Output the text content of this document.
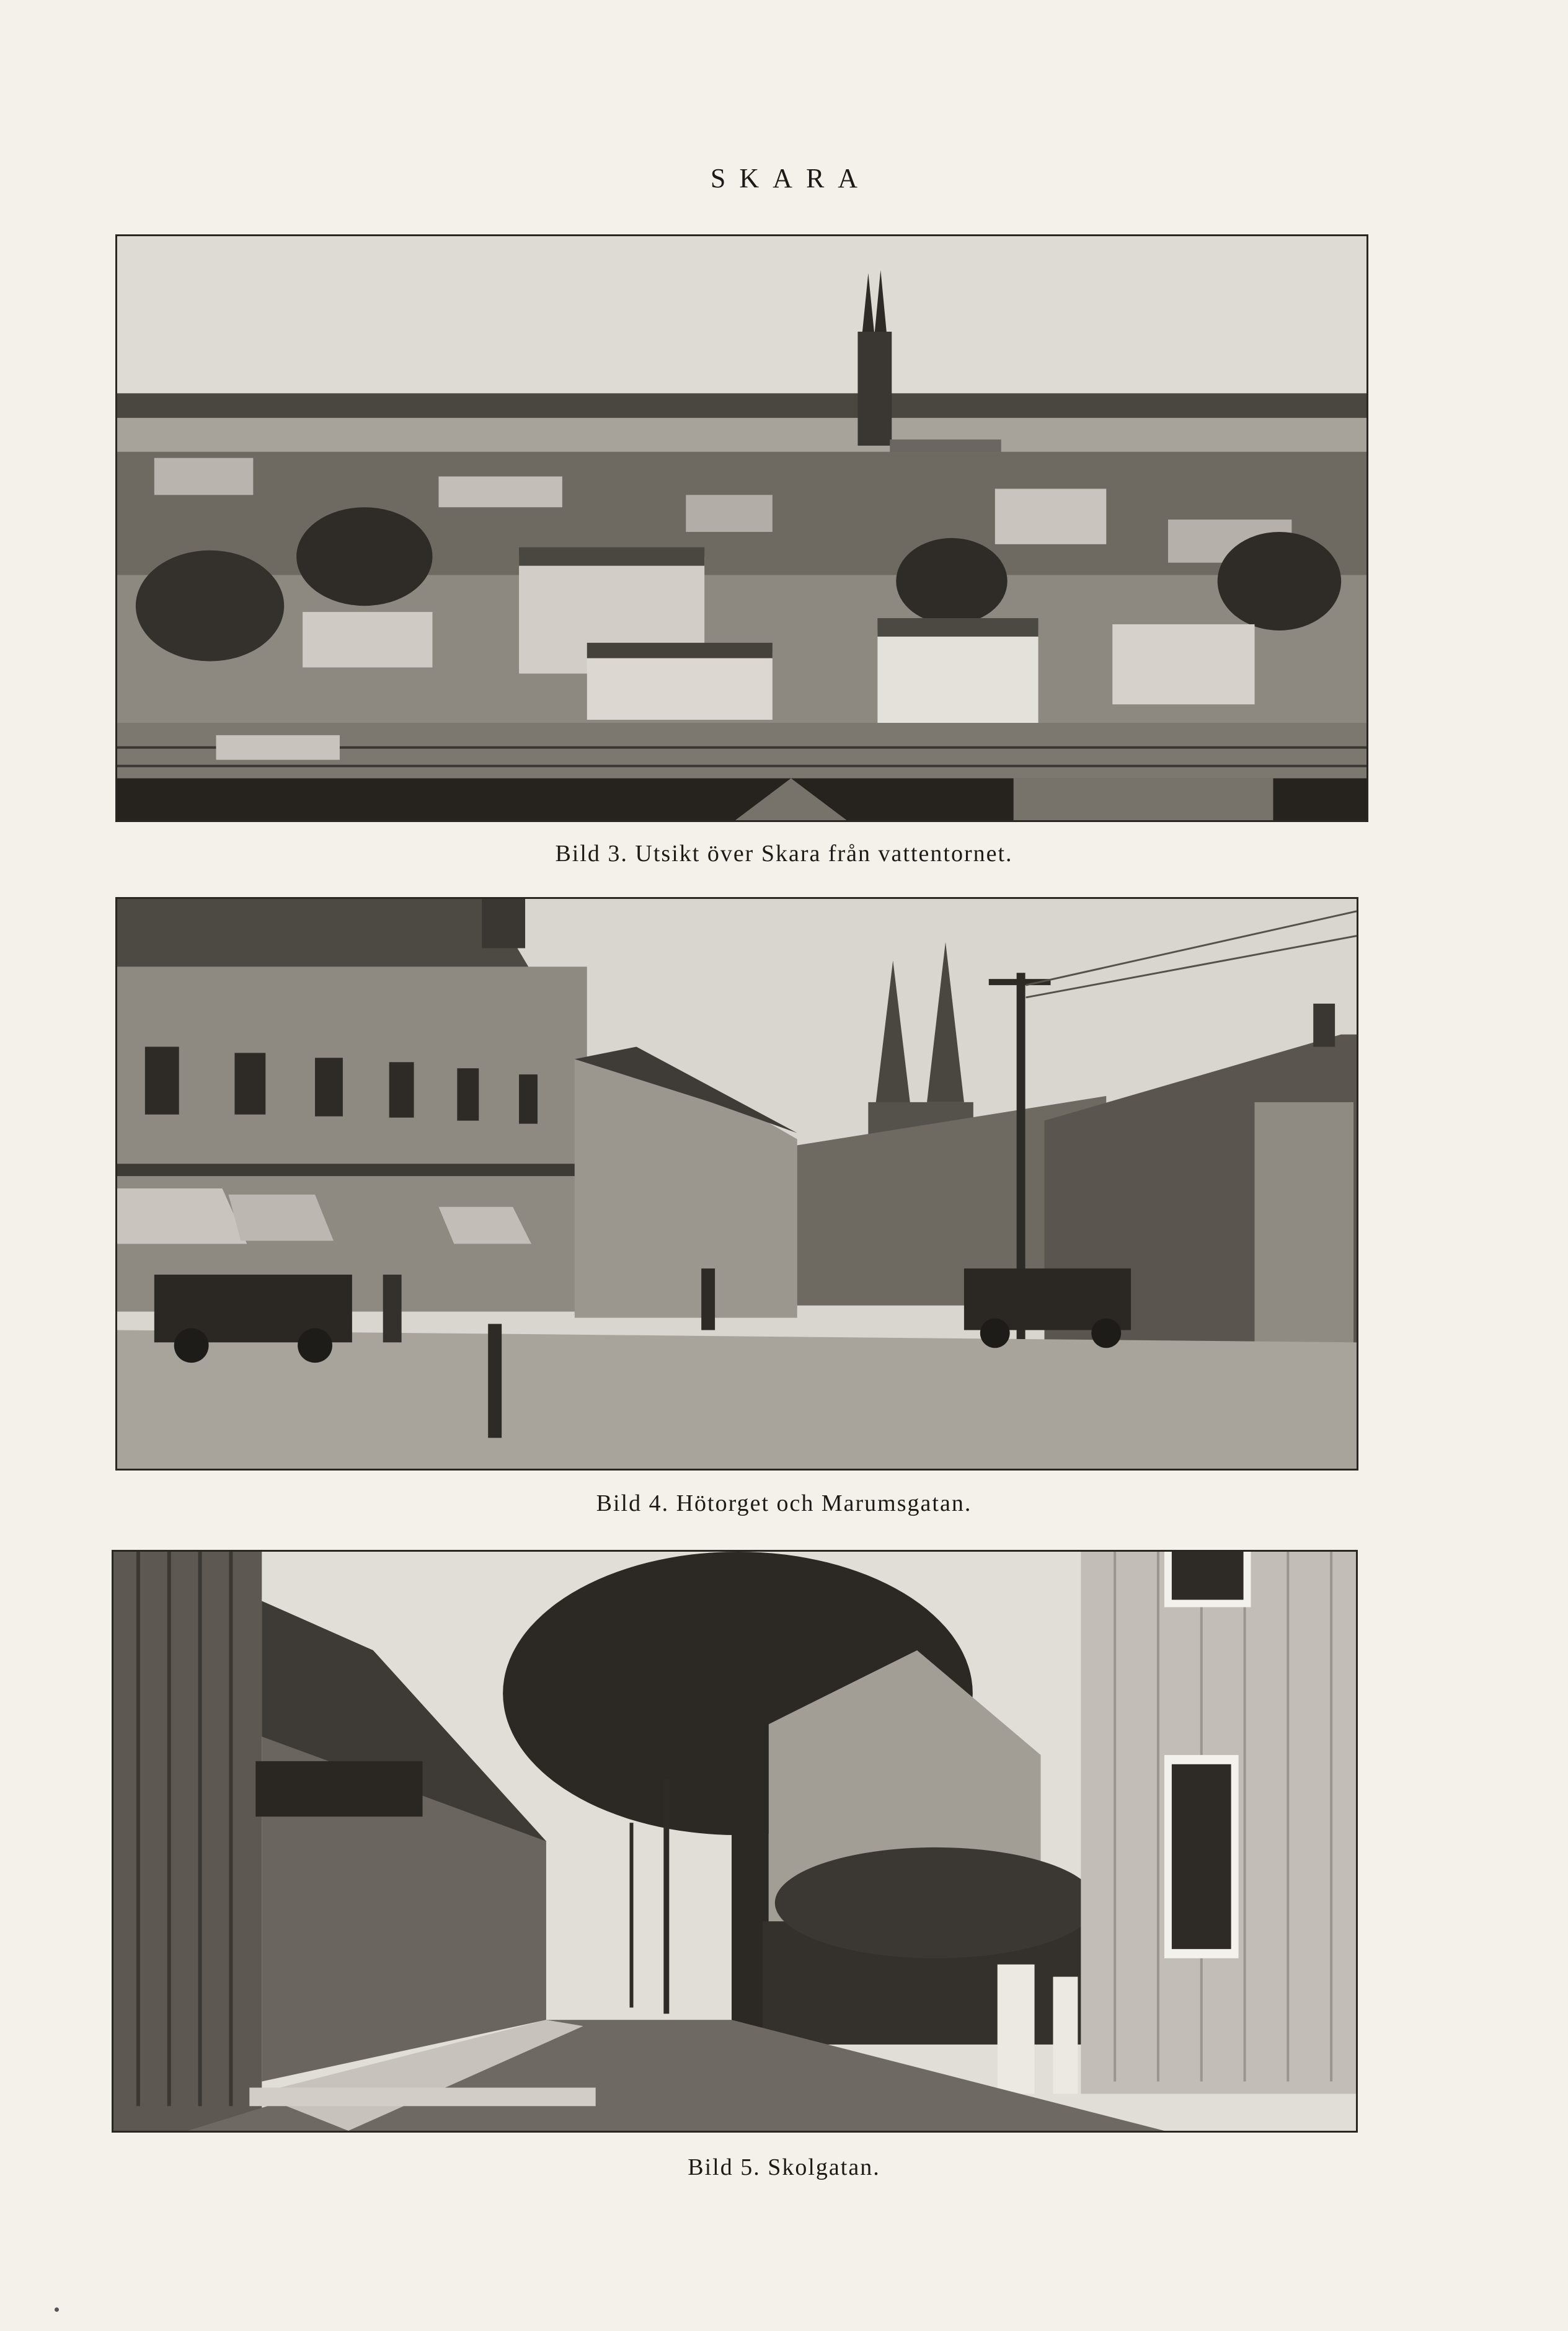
SKARA
Bild 3. Utsikt över Skara från vattentornet.
Bild 4. Hötorget och Marumsgatan.
Bild 5. Skolgatan.
